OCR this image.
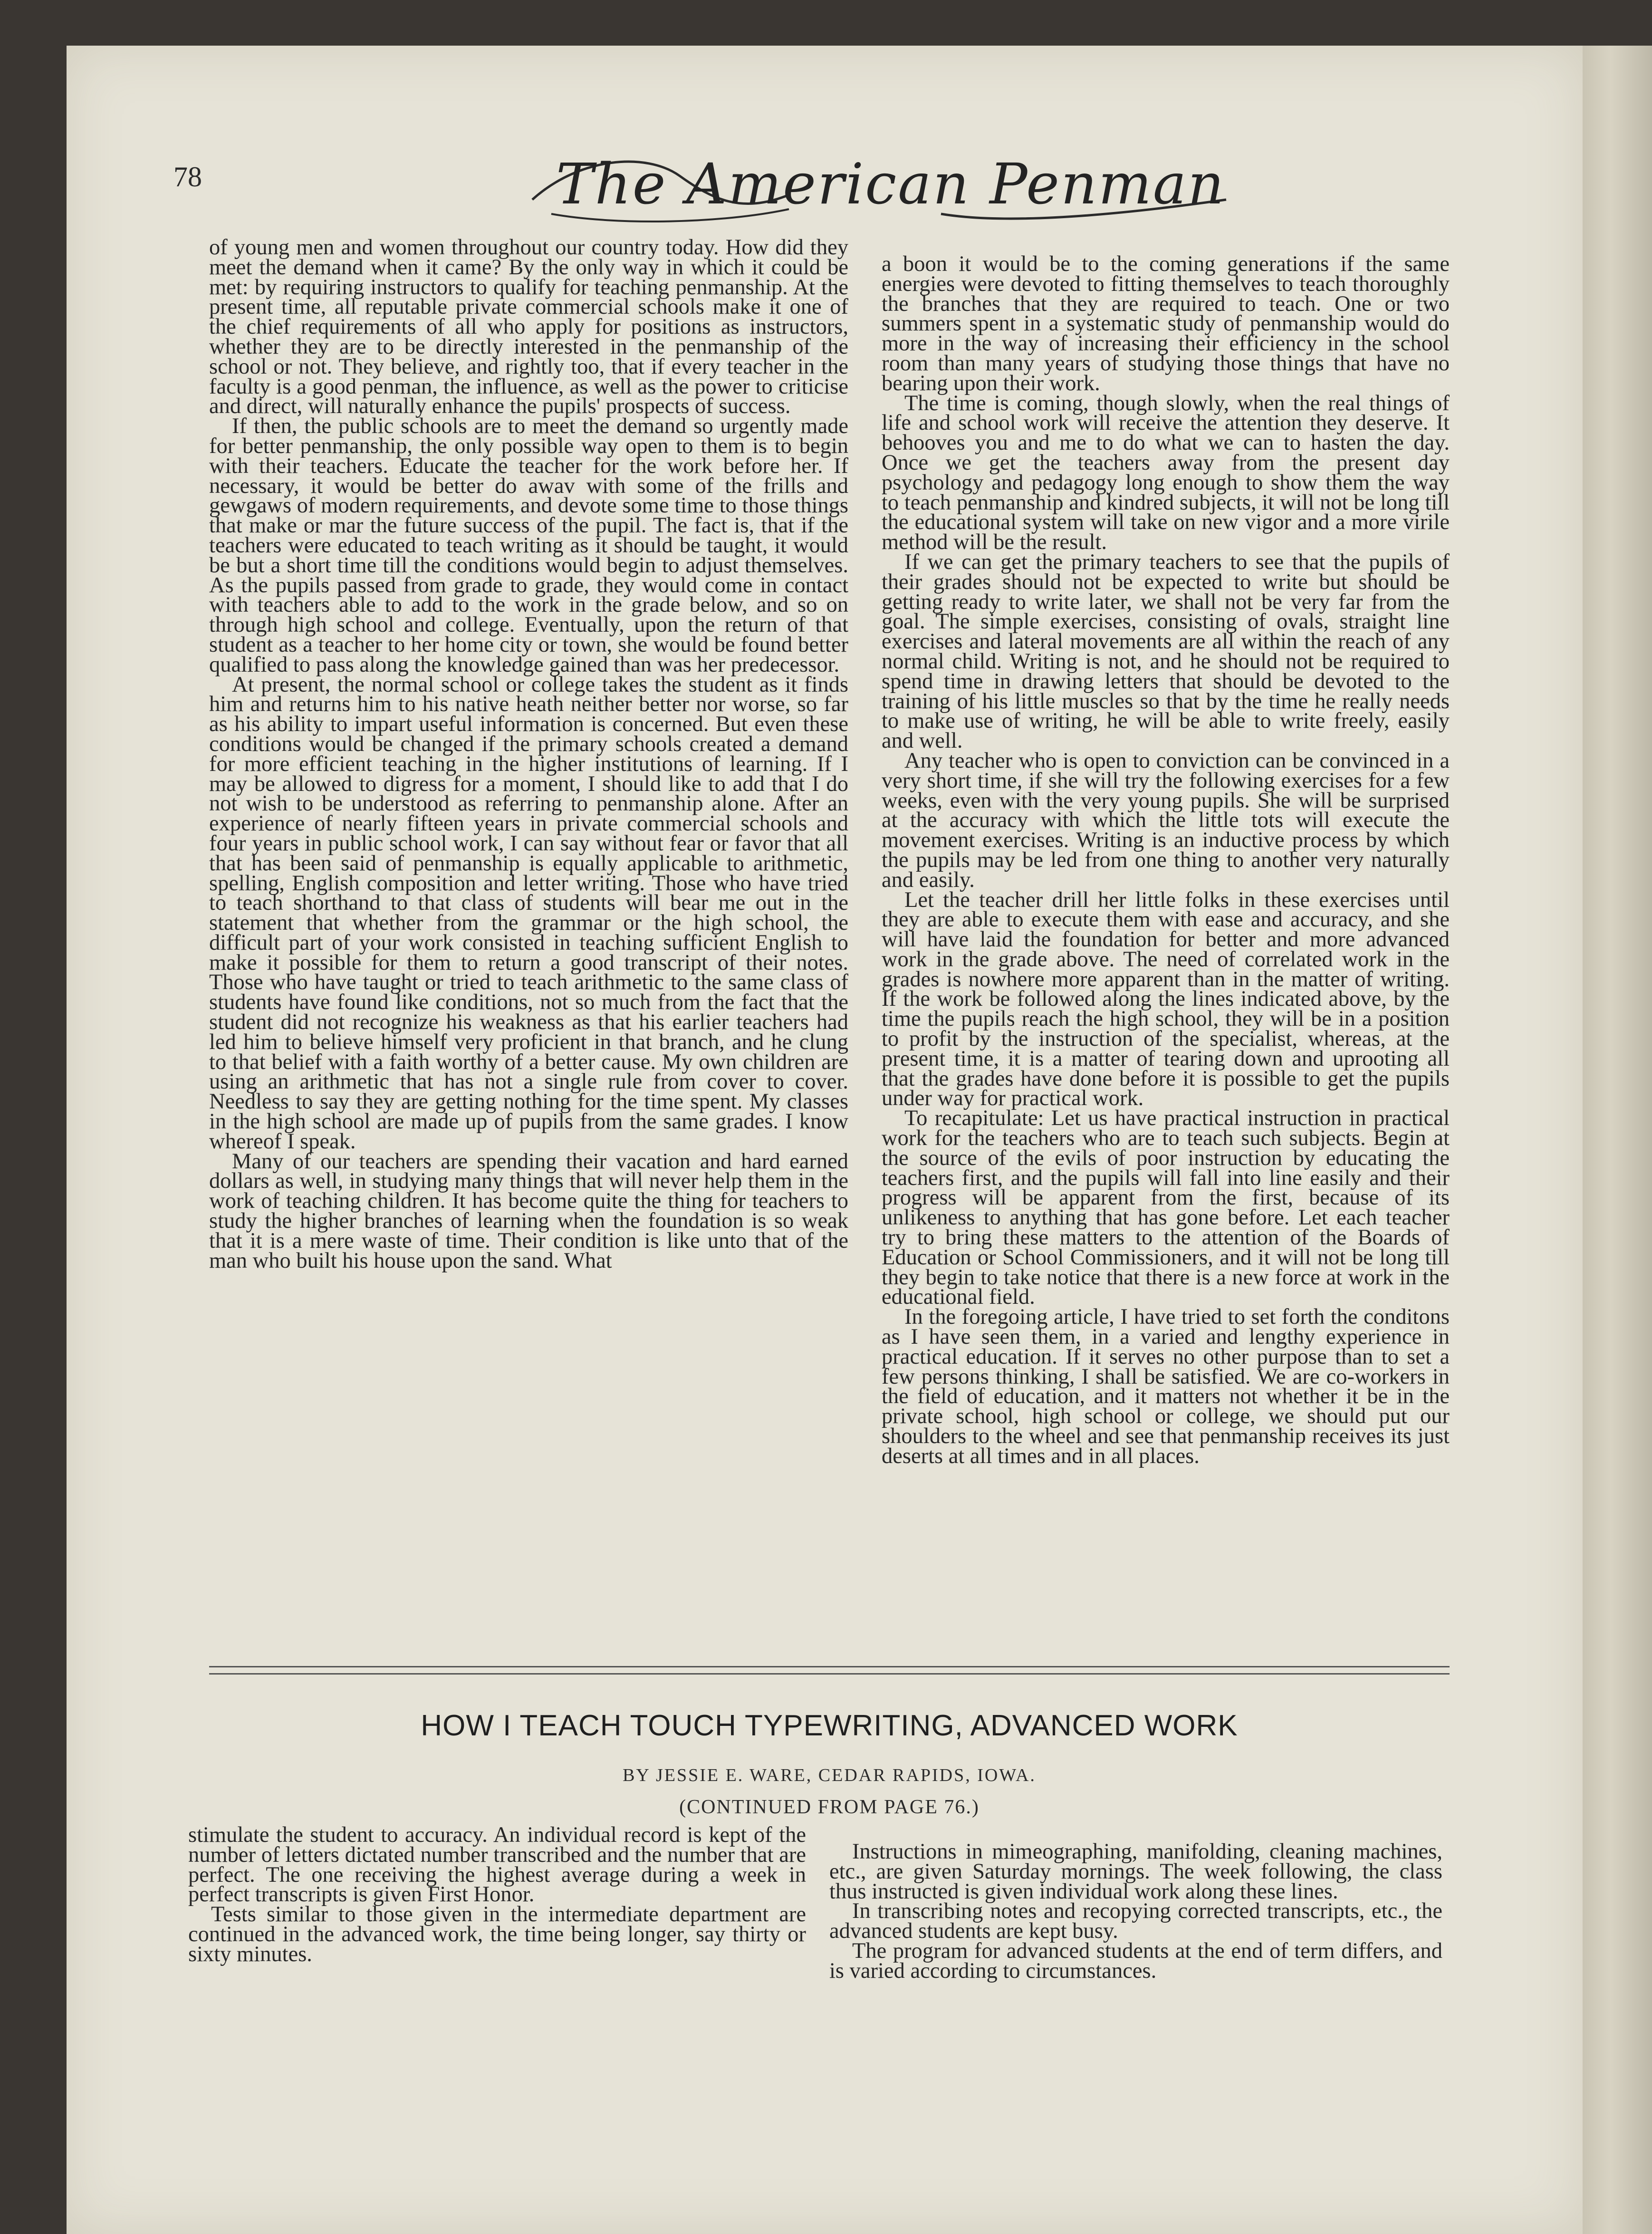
78	The American Penman

of young men and women throughout our country today. How did they meet the demand when it came? By the only way in which it could be met: by requiring instructors to qualify for teaching penmanship. At the present time, all reputable private commercial schools make it one of the chief requirements of all who apply for positions as instructors, whether they are to be directly interested in the penmanship of the school or not. They believe, and rightly too, that if every teacher in the faculty is a good penman, the influence, as well as the power to criticise and direct, will naturally enhance the pupils' prospects of success.

If then, the public schools are to meet the demand so urgently made for better penmanship, the only possible way open to them is to begin with their teachers. Educate the teacher for the work before her. If necessary, it would be better do awav with some of the frills and gewgaws of modern requirements, and devote some time to those things that make or mar the future success of the pupil. The fact is, that if the teachers were educated to teach writing as it should be taught, it would be but a short time till the conditions would begin to adjust themselves. As the pupils passed from grade to grade, they would come in contact with teachers able to add to the work in the grade below, and so on through high school and college. Eventually, upon the return of that student as a teacher to her home city or town, she would be found better qualified to pass along the knowledge gained than was her predecessor.

At present, the normal school or college takes the student as it finds him and returns him to his native heath neither better nor worse, so far as his ability to impart useful information is concerned. But even these conditions would be changed if the primary schools created a demand for more efficient teaching in the higher institutions of learning. If I may be allowed to digress for a moment, I should like to add that I do not wish to be understood as referring to penmanship alone. After an experience of nearly fifteen years in private commercial schools and four years in public school work, I can say without fear or favor that all that has been said of penmanship is equally applicable to arithmetic, spelling, English composition and letter writing. Those who have tried to teach shorthand to that class of students will bear me out in the statement that whether from the grammar or the high school, the difficult part of your work consisted in teaching sufficient English to make it possible for them to return a good transcript of their notes. Those who have taught or tried to teach arithmetic to the same class of students have found like conditions, not so much from the fact that the student did not recognize his weakness as that his earlier teachers had led him to believe himself very proficient in that branch, and he clung to that belief with a faith worthy of a better cause. My own children are using an arithmetic that has not a single rule from cover to cover. Needless to say they are getting nothing for the time spent. My classes in the high school are made up of pupils from the same grades. I know whereof I speak.

Many of our teachers are spending their vacation and hard earned dollars as well, in studying many things that will never help them in the work of teaching children. It has become quite the thing for teachers to study the higher branches of learning when the foundation is so weak that it is a mere waste of time. Their condition is like unto that of the man who built his house upon the sand. What

a boon it would be to the coming generations if the same energies were devoted to fitting themselves to teach thoroughly the branches that they are required to teach. One or two summers spent in a systematic study of penmanship would do more in the way of increasing their efficiency in the school room than many years of studying those things that have no bearing upon their work.

The time is coming, though slowly, when the real things of life and school work will receive the attention they deserve. It behooves you and me to do what we can to hasten the day. Once we get the teachers away from the present day psychology and pedagogy long enough to show them the way to teach penmanship and kindred subjects, it will not be long till the educational system will take on new vigor and a more virile method will be the result.

If we can get the primary teachers to see that the pupils of their grades should not be expected to write but should be getting ready to write later, we shall not be very far from the goal. The simple exercises, consisting of ovals, straight line exercises and lateral movements are all within the reach of any normal child. Writing is not, and he should not be required to spend time in drawing letters that should be devoted to the training of his little muscles so that by the time he really needs to make use of writing, he will be able to write freely, easily and well.

Any teacher who is open to conviction can be convinced in a very short time, if she will try the following exercises for a few weeks, even with the very young pupils. She will be surprised at the accuracy with which the little tots will execute the movement exercises. Writing is an inductive process by which the pupils may be led from one thing to another very naturally and easily.

Let the teacher drill her little folks in these exercises until they are able to execute them with ease and accuracy, and she will have laid the foundation for better and more advanced work in the grade above. The need of correlated work in the grades is nowhere more apparent than in the matter of writing. If the work be followed along the lines indicated above, by the time the pupils reach the high school, they will be in a position to profit by the instruction of the specialist, whereas, at the present time, it is a matter of tearing down and uprooting all that the grades have done before it is possible to get the pupils under way for practical work.

To recapitulate: Let us have practical instruction in practical work for the teachers who are to teach such subjects. Begin at the source of the evils of poor instruction by educating the teachers first, and the pupils will fall into line easily and their progress will be apparent from the first, because of its unlikeness to anything that has gone before. Let each teacher try to bring these matters to the attention of the Boards of Education or School Commissioners, and it will not be long till they begin to take notice that there is a new force at work in the educational field.

In the foregoing article, I have tried to set forth the conditons as I have seen them, in a varied and lengthy experience in practical education. If it serves no other purpose than to set a few persons thinking, I shall be satisfied. We are co-workers in the field of education, and it matters not whether it be in the private school, high school or college, we should put our shoulders to the wheel and see that penmanship receives its just deserts at all times and in all places.

HOW I TEACH TOUCH TYPEWRITING, ADVANCED WORK
BY JESSIE E. WARE, CEDAR RAPIDS, IOWA.
(CONTINUED FROM PAGE 76.)

stimulate the student to accuracy. An individual record is kept of the number of letters dictated number transcribed and the number that are perfect. The one receiving the highest average during a week in perfect transcripts is given First Honor.

Tests similar to those given in the intermediate department are continued in the advanced work, the time being longer, say thirty or sixty minutes.

Instructions in mimeographing, manifolding, cleaning machines, etc., are given Saturday mornings. The week following, the class thus instructed is given individual work along these lines.

In transcribing notes and recopying corrected transcripts, etc., the advanced students are kept busy.

The program for advanced students at the end of term differs, and is varied according to circumstances.
